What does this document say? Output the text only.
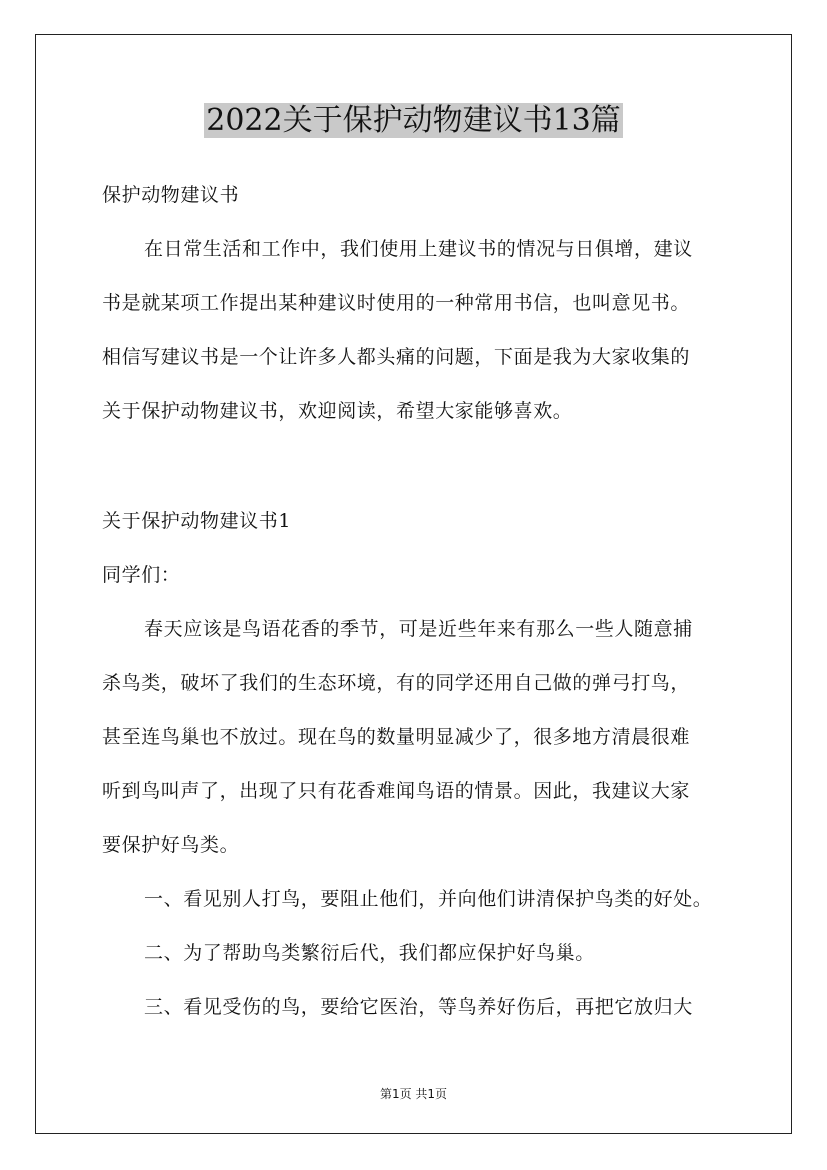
2022关于保护动物建议书13篇
保护动物建议书
在日常生活和工作中，我们使用上建议书的情况与日俱增，建议
书是就某项工作提出某种建议时使用的一种常用书信，也叫意见书。
相信写建议书是一个让许多人都头痛的问题，下面是我为大家收集的
关于保护动物建议书，欢迎阅读，希望大家能够喜欢。
关于保护动物建议书1
同学们：
春天应该是鸟语花香的季节，可是近些年来有那么一些人随意捕
杀鸟类，破坏了我们的生态环境，有的同学还用自己做的弹弓打鸟，
甚至连鸟巢也不放过。现在鸟的数量明显减少了，很多地方清晨很难
听到鸟叫声了，出现了只有花香难闻鸟语的情景。因此，我建议大家
要保护好鸟类。
一、看见别人打鸟，要阻止他们，并向他们讲清保护鸟类的好处。
二、为了帮助鸟类繁衍后代，我们都应保护好鸟巢。
三、看见受伤的鸟，要给它医治，等鸟养好伤后，再把它放归大
第1页 共1页
